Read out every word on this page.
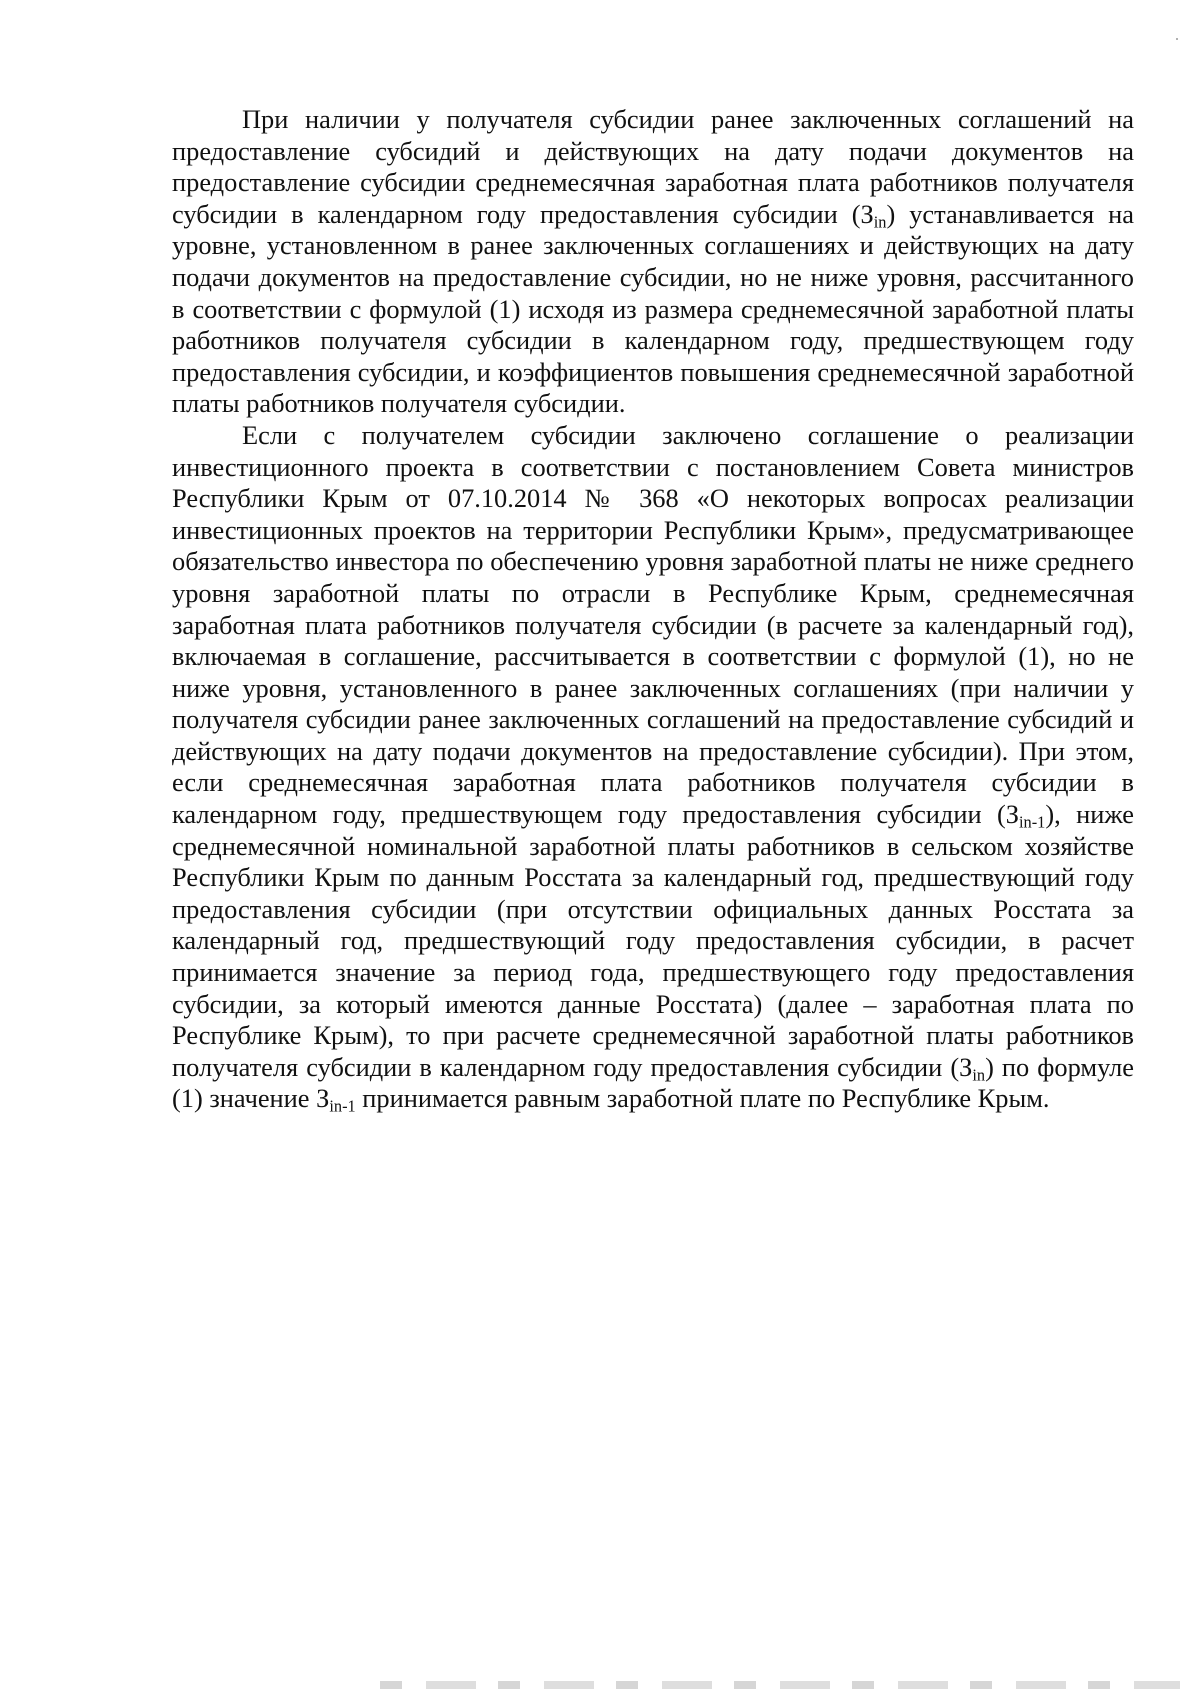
При наличии у получателя субсидии ранее заключенных соглашений на предоставление субсидий и действующих на дату подачи документов на предоставление субсидии среднемесячная заработная плата работников получателя субсидии в календарном году предоставления субсидии $(З_{in})$ устанавливается на уровне, установленном в ранее заключенных соглашениях и действующих на дату подачи документов на предоставление субсидии, но не ниже уровня, рассчитанного в соответствии с формулой (1) исходя из размера среднемесячной заработной платы работников получателя субсидии в календарном году, предшествующем году предоставления субсидии, и коэффициентов повышения среднемесячной заработной платы работников получателя субсидии.

Если с получателем субсидии заключено соглашение о реализации инвестиционного проекта в соответствии с постановлением Совета министров Республики Крым от 07.10.2014 № 368 «О некоторых вопросах реализации инвестиционных проектов на территории Республики Крым», предусматривающее обязательство инвестора по обеспечению уровня заработной платы не ниже среднего уровня заработной платы по отрасли в Республике Крым, среднемесячная заработная плата работников получателя субсидии (в расчете за календарный год), включаемая в соглашение, рассчитывается в соответствии с формулой (1), но не ниже уровня, установленного в ранее заключенных соглашениях (при наличии у получателя субсидии ранее заключенных соглашений на предоставление субсидий и действующих на дату подачи документов на предоставление субсидии). При этом, если среднемесячная заработная плата работников получателя субсидии в календарном году, предшествующем году предоставления субсидии $(З_{in-1})$, ниже среднемесячной номинальной заработной платы работников в сельском хозяйстве Республики Крым по данным Росстата за календарный год, предшествующий году предоставления субсидии (при отсутствии официальных данных Росстата за календарный год, предшествующий году предоставления субсидии, в расчет принимается значение за период года, предшествующего году предоставления субсидии, за который имеются данные Росстата) (далее – заработная плата по Республике Крым), то при расчете среднемесячной заработной платы работников получателя субсидии в календарном году предоставления субсидии $(З_{in})$ по формуле (1) значение $З_{in-1}$ принимается равным заработной плате по Республике Крым.
